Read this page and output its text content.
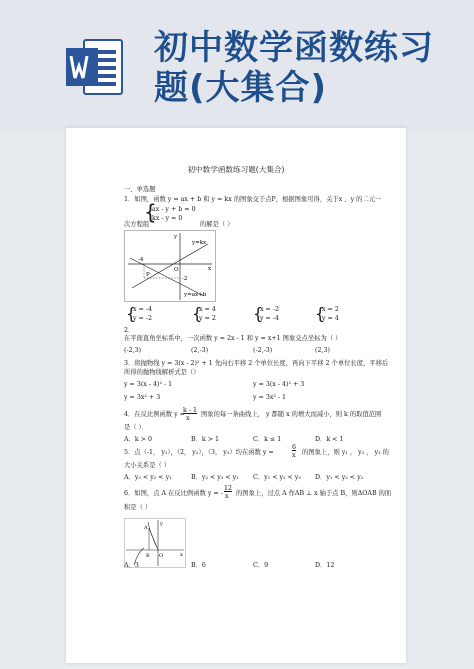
初中数学函数练习
题(大集合)
初中数学函数练习题(大集合)
一、单选题
1．如图，函数 y = ax + b 和 y = kx 的图象交于点P，根据图象可得，关于x 、y 的二元一
次方程组
{
ax - y + b = 0
kx - y = 0
的解是（ ）
y=kx
y=ax+b
P
O
-4
-2
x
y
{
x = -4
y = -2	{
x = 4
y = 2 {
x = -2
y = -4 {
x = 2
y = 4
2．
在平面直角坐标系中，一次函数 y = 2x - 1 和 y = x+1 图象交点坐标为（ ）
(-2,3)	(2,-3)	(-2,-3)	(2,3)
3．将抛物线 y = 3(x - 2)² + 1 先向右平移 2 个单位长度，再向下平移 2 个单位长度，平移后
所得的抛物线解析式是（）
y = 3(x - 4)² - 1	y = 3(x - 4)² + 3
y = 3x² + 3	y = 3x² - 1
4．在反比例函数 y =
k - 1
x
图象的每一条曲线上， y 都随 x 的增大而减小，则 k 的取值范围
是（ ）．
A．k > 0	B．k > 1	C．k ≤ 1	D．k < 1
5．点（-1， y₁），（2， y₂），（3， y₃）均在函数 y =
6
x 的图象上，则 y₁ ， y₂ ， y₃ 的
大小关系是（ ）
A．y₃ < y₂ < y₁	B．y₂ < y₃ < y₁ C．y₁ < y₂ < y₃ D．y₁ < y₃ < y₂
6．如图，点 A 在反比例函数 y = -
12
x 的图象上，过点 A 作AB ⊥ x 轴于点 B，则ΔOAB 的面
积是（ ）
A
B O	x
y
A．3	B．6	C．9	D．12
